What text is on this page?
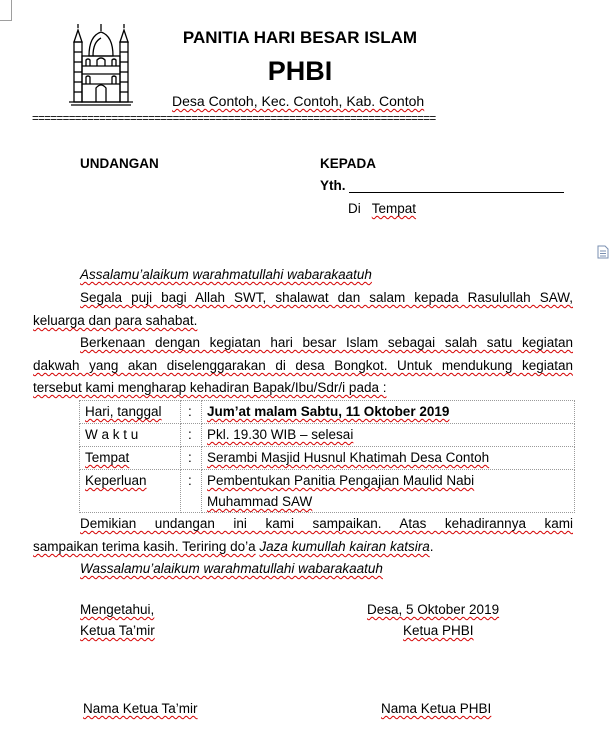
PANITIA HARI BESAR ISLAM
PHBI
Desa Contoh, Kec. Contoh, Kab. Contoh
==================================================================
UNDANGAN	KEPADA
Yth.
Di Tempat
Assalamu’alaikum warahmatullahi wabarakaatuh
Segala puji bagi Allah SWT, shalawat dan salam kepada Rasulullah SAW,
keluarga dan para sahabat.
Berkenaan dengan kegiatan hari besar Islam sebagai salah satu kegiatan
dakwah yang akan diselenggarakan di desa Bongkot. Untuk mendukung kegiatan
tersebut kami mengharap kehadiran Bapak/Ibu/Sdr/i pada :
Hari, tanggal	:	Jum’at malam Sabtu, 11 Oktober 2019
W a k t u	:	Pkl. 19.30 WIB – selesai
Tempat	:	Serambi Masjid Husnul Khatimah Desa Contoh
Keperluan	:	Pembentukan Panitia Pengajian Maulid Nabi
Muhammad SAW
Demikian undangan ini kami sampaikan. Atas kehadirannya kami
sampaikan terima kasih. Teriring do’a Jaza kumullah kairan katsira.
Wassalamu’alaikum warahmatullahi wabarakaatuh
Mengetahui,
Ketua Ta’mir
Desa, 5 Oktober 2019
Ketua PHBI
Nama Ketua Ta’mir	Nama Ketua PHBI
